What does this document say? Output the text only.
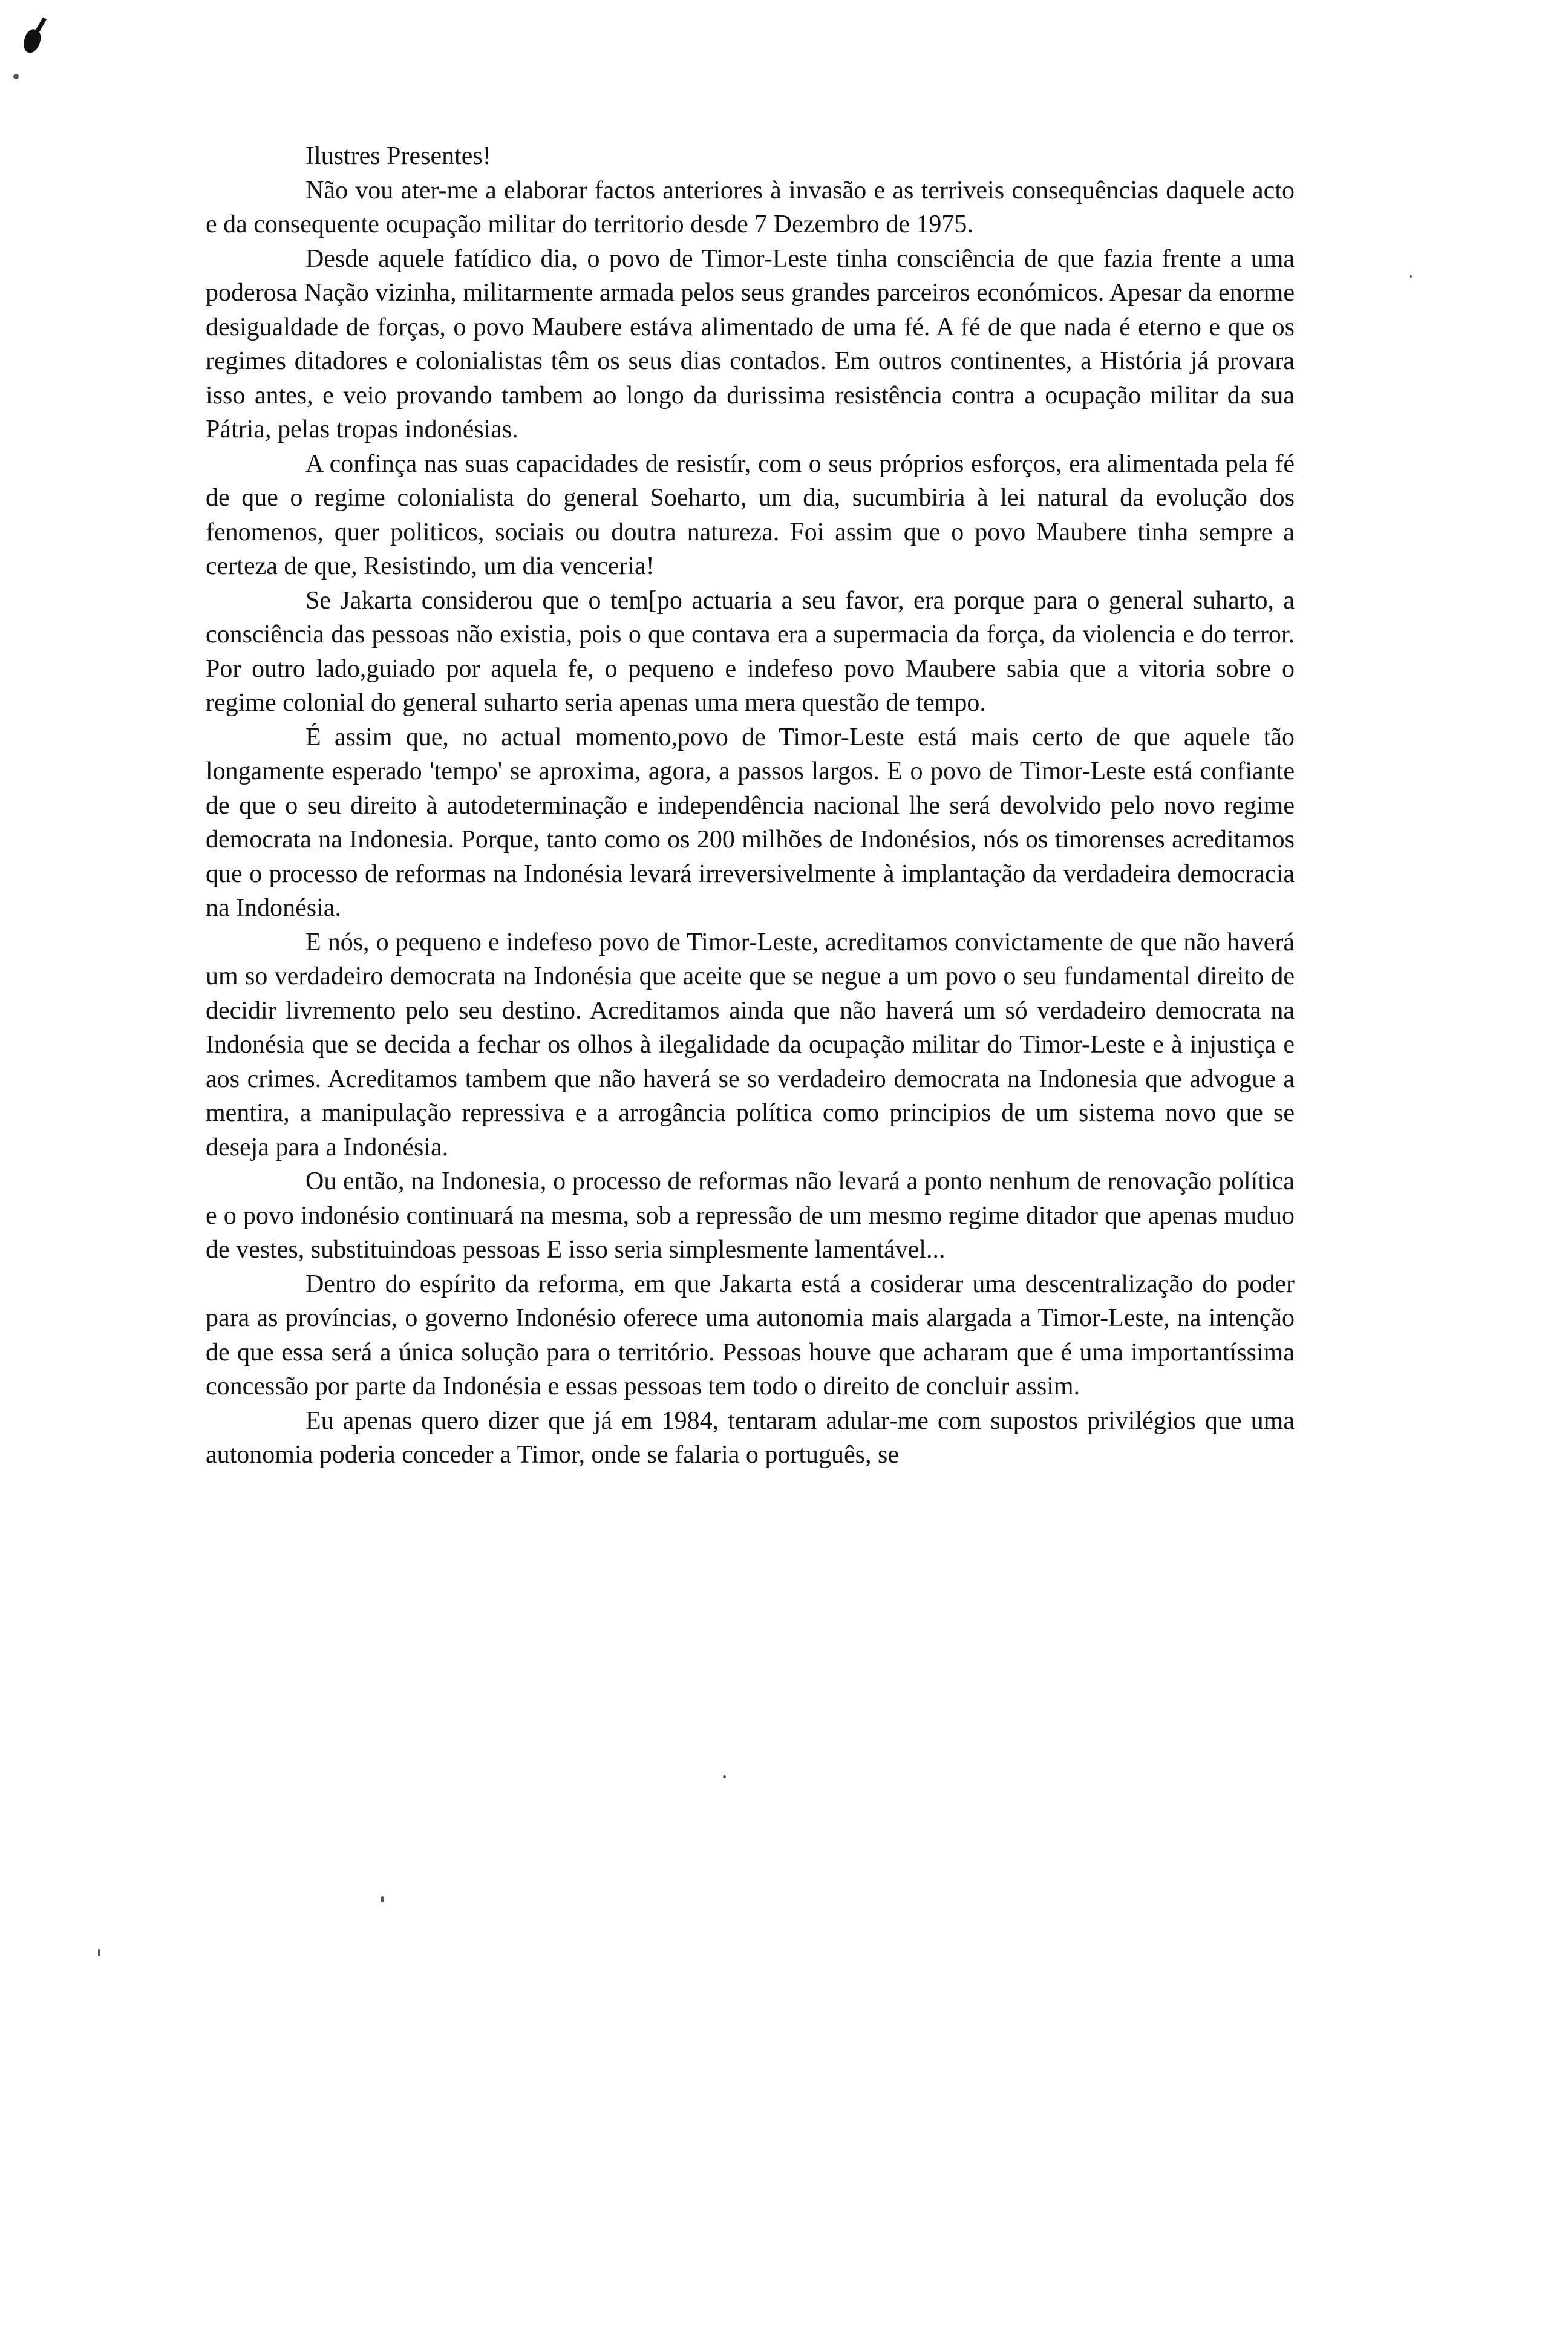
Ilustres Presentes!

Não vou ater-me a elaborar factos anteriores à invasão e as terriveis consequências daquele acto e da consequente ocupação militar do territorio desde 7 Dezembro de 1975.

Desde aquele fatídico dia, o povo de Timor-Leste tinha consciência de que fazia frente a uma poderosa Nação vizinha, militarmente armada pelos seus grandes parceiros económicos. Apesar da enorme desigualdade de forças, o povo Maubere estáva alimentado de uma fé. A fé de que nada é eterno e que os regimes ditadores e colonialistas têm os seus dias contados. Em outros continentes, a História já provara isso antes, e veio provando tambem ao longo da durissima resistência contra a ocupação militar da sua Pátria, pelas tropas indonésias.

A confinça nas suas capacidades de resistír, com o seus próprios esforços, era alimentada pela fé de que o regime colonialista do general Soeharto, um dia, sucumbiria à lei natural da evolução dos fenomenos, quer politicos, sociais ou doutra natureza. Foi assim que o povo Maubere tinha sempre a certeza de que, Resistindo, um dia venceria!

Se Jakarta considerou que o tem[po actuaria a seu favor, era porque para o general suharto, a consciência das pessoas não existia, pois o que contava era a supermacia da força, da violencia e do terror. Por outro lado,guiado por aquela fe, o pequeno e indefeso povo Maubere sabia que a vitoria sobre o regime colonial do general suharto seria apenas uma mera questão de tempo.

É assim que, no actual momento,povo de Timor-Leste está mais certo de que aquele tão longamente esperado 'tempo' se aproxima, agora, a passos largos. E o povo de Timor-Leste está confiante de que o seu direito à autodeterminação e independência nacional lhe será devolvido pelo novo regime democrata na Indonesia. Porque, tanto como os 200 milhões de Indonésios, nós os timorenses acreditamos que o processo de reformas na Indonésia levará irreversivelmente à implantação da verdadeira democracia na Indonésia.

E nós, o pequeno e indefeso povo de Timor-Leste, acreditamos convictamente de que não haverá um so verdadeiro democrata na Indonésia que aceite que se negue a um povo o seu fundamental direito de decidir livremento pelo seu destino. Acreditamos ainda que não haverá um só verdadeiro democrata na Indonésia que se decida a fechar os olhos à ilegalidade da ocupação militar do Timor-Leste e à injustiça e aos crimes. Acreditamos tambem que não haverá se so verdadeiro democrata na Indonesia que advogue a mentira, a manipulação repressiva e a arrogância política como principios de um sistema novo que se deseja para a Indonésia.

Ou então, na Indonesia, o processo de reformas não levará a ponto nenhum de renovação política e o povo indonésio continuará na mesma, sob a repressão de um mesmo regime ditador que apenas muduo de vestes, substituindoas pessoas E isso seria simplesmente lamentável...

Dentro do espírito da reforma, em que Jakarta está a cosiderar uma descentralização do poder para as províncias, o governo Indonésio oferece uma autonomia mais alargada a Timor-Leste, na intenção de que essa será a única solução para o território. Pessoas houve que acharam que é uma importantíssima concessão por parte da Indonésia e essas pessoas tem todo o direito de concluir assim.

Eu apenas quero dizer que já em 1984, tentaram adular-me com supostos privilégios que uma autonomia poderia conceder a Timor, onde se falaria o português, se
